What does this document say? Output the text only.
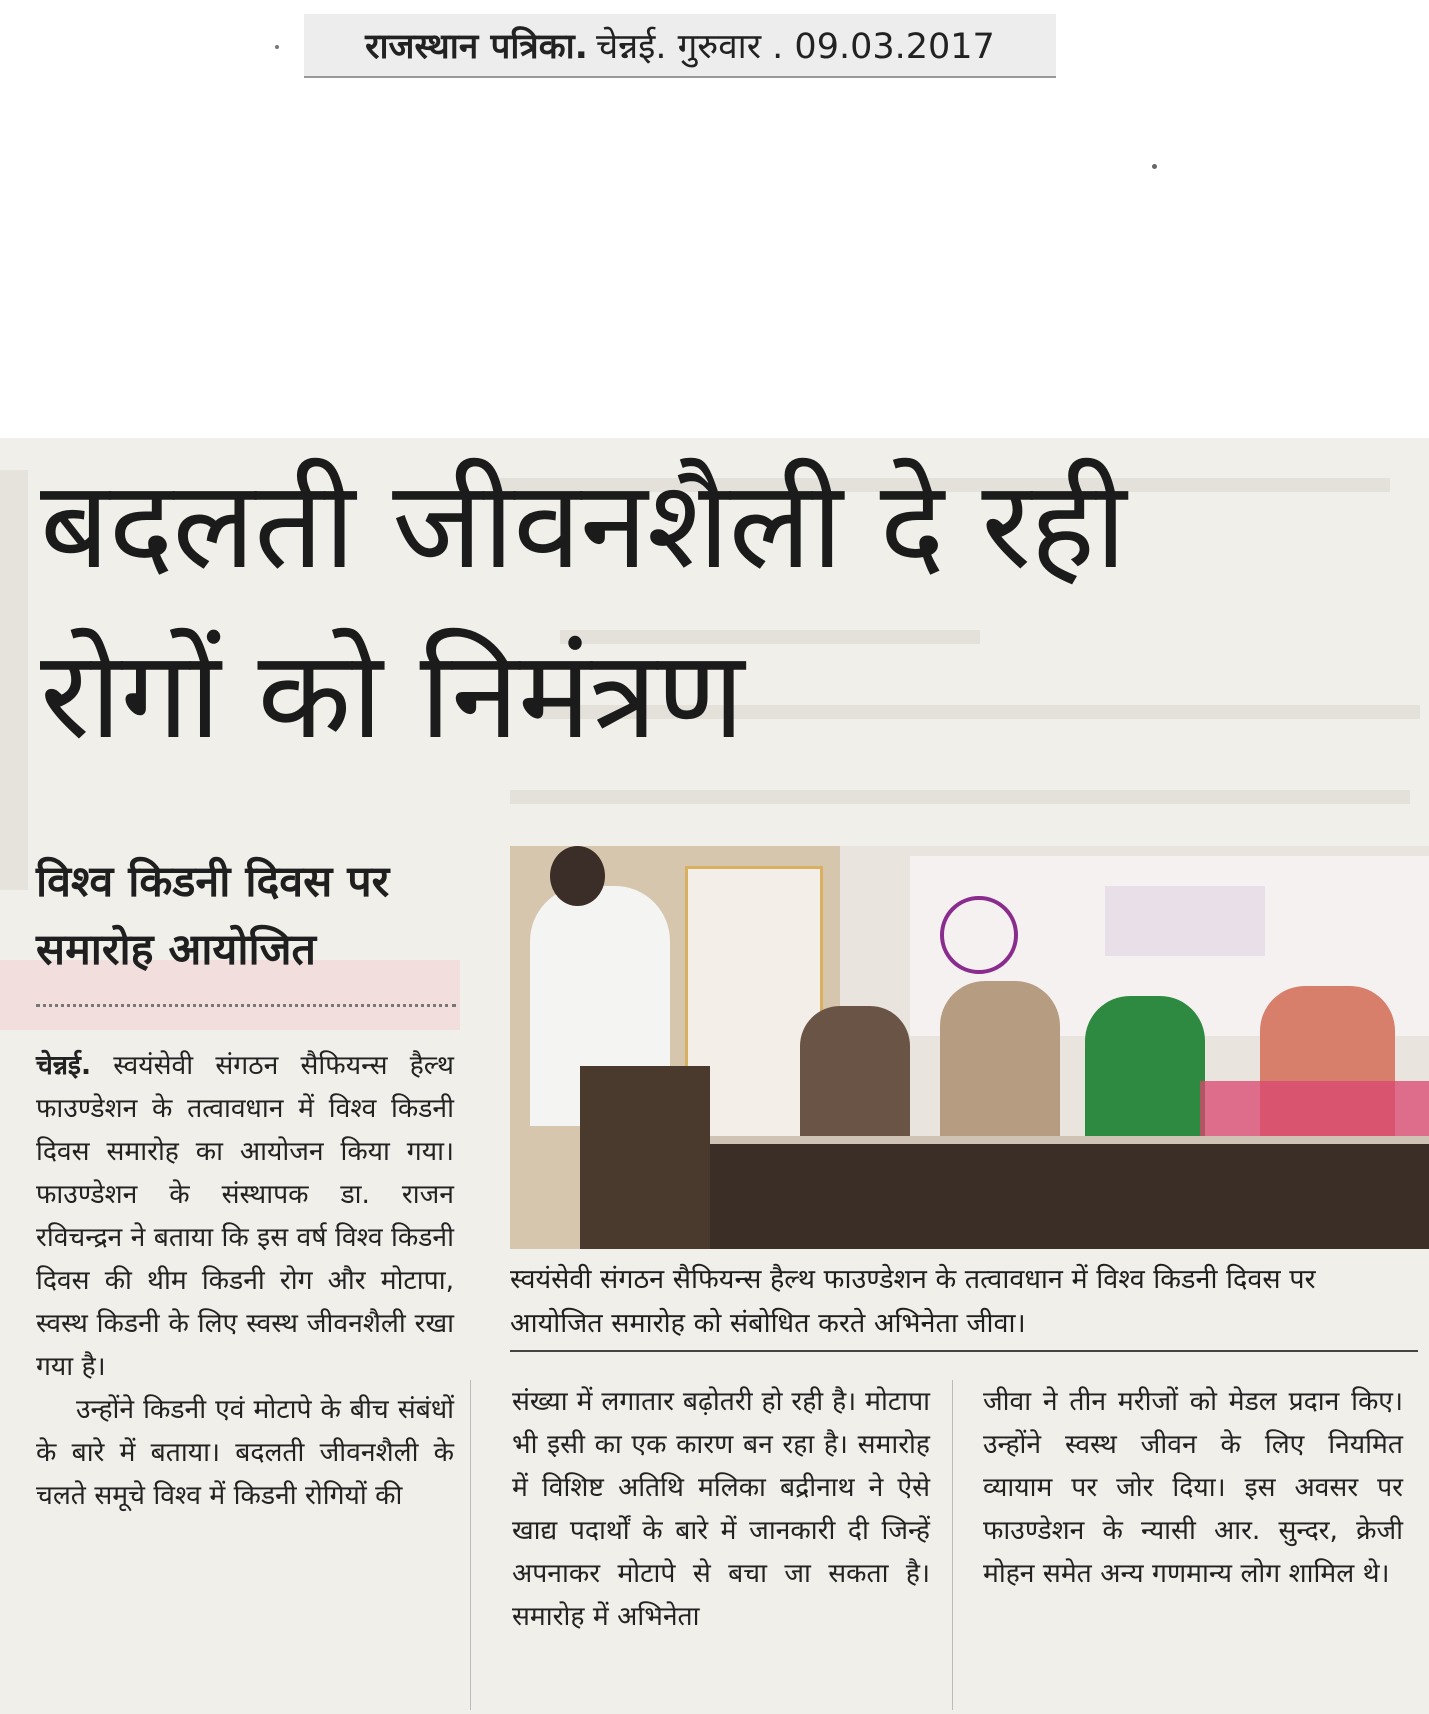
राजस्थान पत्रिका. चेन्नई. गुरुवार . 09.03.2017
बदलती जीवनशैली दे रही
रोगों को निमंत्रण
विश्व किडनी दिवस पर
समारोह आयोजित

चेन्नई. स्वयंसेवी संगठन सैफियन्स हैल्थ फाउण्डेशन के तत्वावधान में विश्व किडनी दिवस समारोह का आयोजन किया गया। फाउण्डेशन के संस्थापक डा. राजन रविचन्द्रन ने बताया कि इस वर्ष विश्व किडनी दिवस की थीम किडनी रोग और मोटापा, स्वस्थ किडनी के लिए स्वस्थ जीवनशैली रखा गया है।

उन्होंने किडनी एवं मोटापे के बीच संबंधों के बारे में बताया। बदलती जीवनशैली के चलते समूचे विश्व में किडनी रोगियों की

स्वयंसेवी संगठन सैफियन्स हैल्थ फाउण्डेशन के तत्वावधान में विश्व किडनी दिवस पर आयोजित समारोह को संबोधित करते अभिनेता जीवा।
संख्या में लगातार बढ़ोतरी हो रही है। मोटापा भी इसी का एक कारण बन रहा है। समारोह में विशिष्ट अतिथि मलिका बद्रीनाथ ने ऐसे खाद्य पदार्थों के बारे में जानकारी दी जिन्हें अपनाकर मोटापे से बचा जा सकता है। समारोह में अभिनेता
जीवा ने तीन मरीजों को मेडल प्रदान किए। उन्होंने स्वस्थ जीवन के लिए नियमित व्यायाम पर जोर दिया। इस अवसर पर फाउण्डेशन के न्यासी आर. सुन्दर, क्रेजी मोहन समेत अन्य गणमान्य लोग शामिल थे।
